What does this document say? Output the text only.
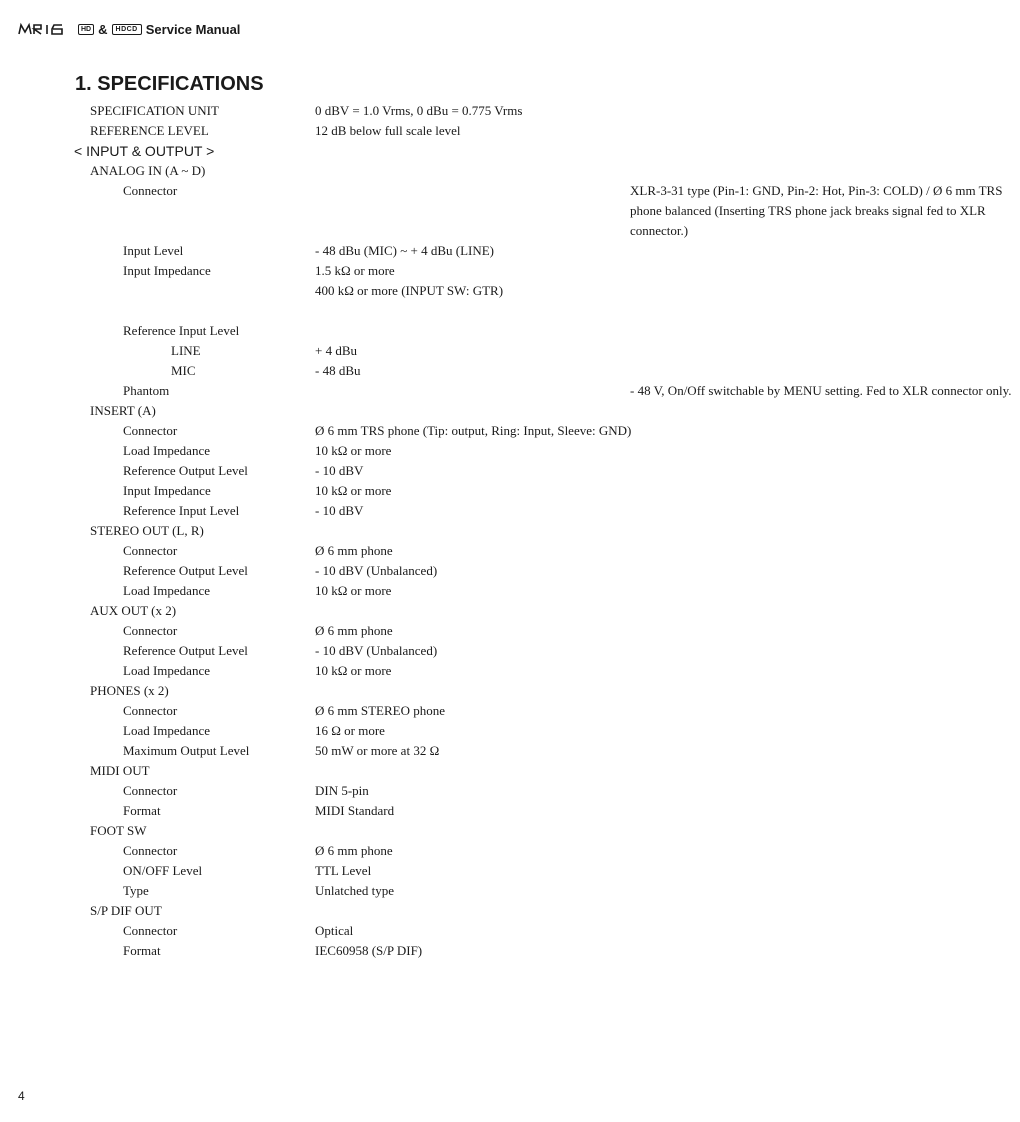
HD &	HDCD Service Manual
1. SPECIFICATIONS
SPECIFICATION UNIT	0 dBV = 1.0 Vrms, 0 dBu = 0.775 Vrms
REFERENCE LEVEL	12 dB below full scale level
< INPUT & OUTPUT >
ANALOG IN (A ~ D)
Connector	XLR-3-31 type (Pin-1: GND, Pin-2: Hot, Pin-3: COLD) / Ø 6 mm TRS phone balanced (Inserting TRS phone jack breaks signal fed to XLR connector.)
Input Level	- 48 dBu (MIC) ~ + 4 dBu (LINE)
Input Impedance	1.5 kΩ or more
400 kΩ or more (INPUT SW: GTR)
Reference Input Level
LINE	+ 4 dBu
MIC	- 48 dBu
Phantom	- 48 V, On/Off switchable by MENU setting. Fed to XLR connector only.
INSERT (A)
Connector	Ø 6 mm TRS phone (Tip: output, Ring: Input, Sleeve: GND)
Load Impedance	10 kΩ or more
Reference Output Level	- 10 dBV
Input Impedance	10 kΩ or more
Reference Input Level	- 10 dBV
STEREO OUT (L, R)
Connector	Ø 6 mm phone
Reference Output Level	- 10 dBV (Unbalanced)
Load Impedance	10 kΩ or more
AUX OUT (x 2)
Connector	Ø 6 mm phone
Reference Output Level	- 10 dBV (Unbalanced)
Load Impedance	10 kΩ or more
PHONES (x 2)
Connector	Ø 6 mm STEREO phone
Load Impedance	16 Ω or more
Maximum Output Level	50 mW or more at 32 Ω
MIDI OUT
Connector	DIN 5-pin
Format	MIDI Standard
FOOT SW
Connector	Ø 6 mm phone
ON/OFF Level	TTL Level
Type	Unlatched type
S/P DIF OUT
Connector	Optical
Format	IEC60958 (S/P DIF)
4
